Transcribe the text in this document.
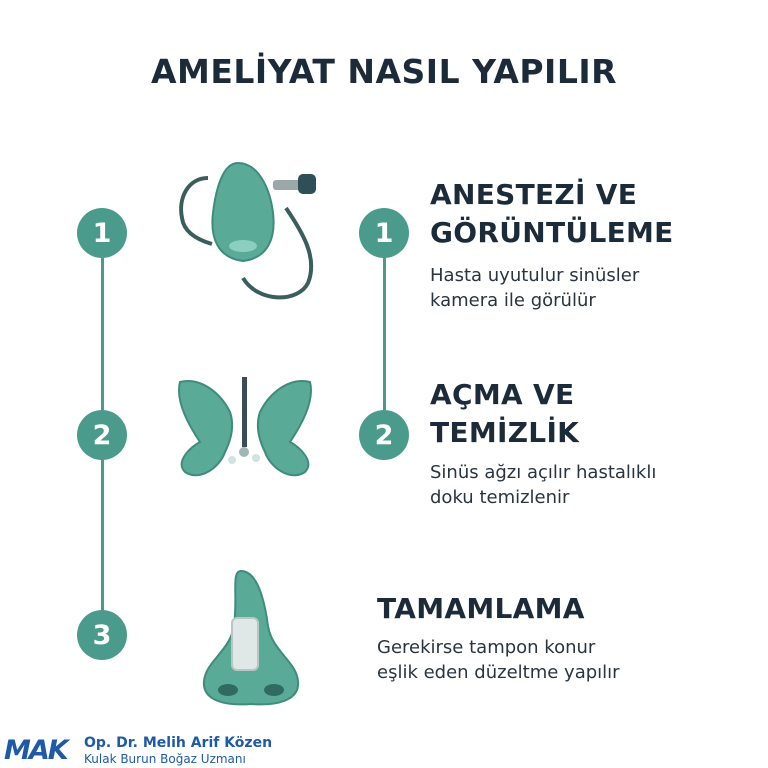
AMELİYAT NASIL YAPILIR
1
2
3
1
2
ANESTEZİ VE
GÖRÜNTÜLEME
Hasta uyutulur sinüsler
kamera ile görülür
AÇMA VE
TEMİZLİK
Sinüs ağzı açılır hastalıklı
doku temizlenir
TAMAMLAMA
Gerekirse tampon konur
eşlik eden düzeltme yapılır
MAK Op. Dr. Melih Arif Közen
Kulak Burun Boğaz Uzmanı
